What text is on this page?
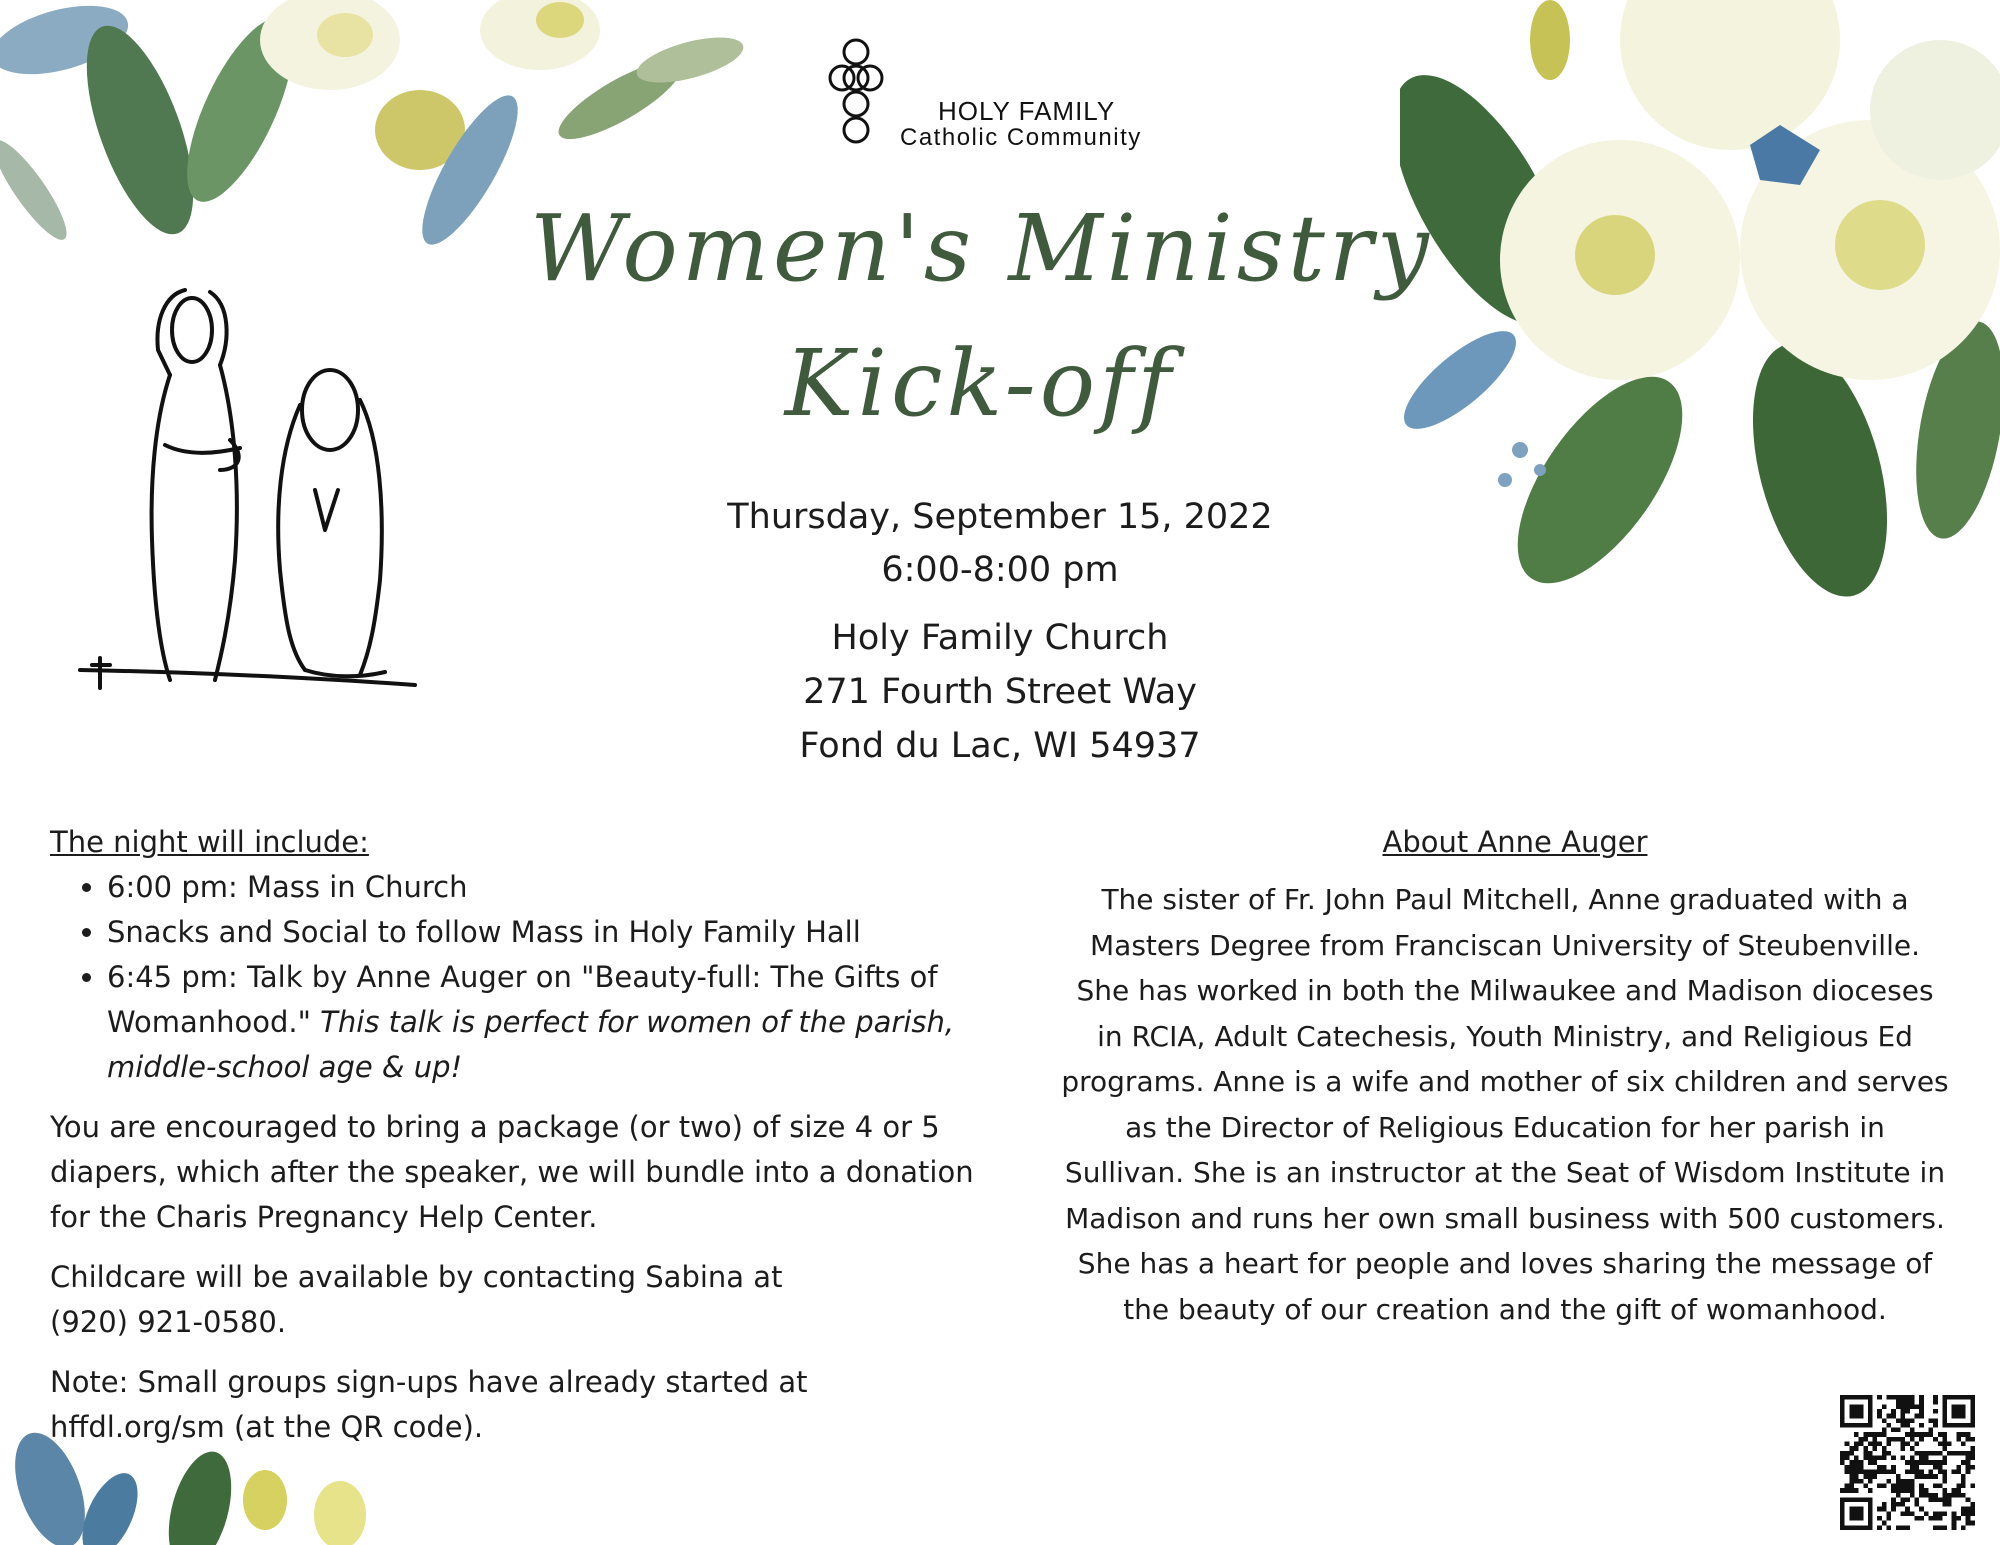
HOLY FAMILY
Catholic Community
Women's Ministry
Kick-off
Thursday, September 15, 2022
6:00-8:00 pm
Holy Family Church
271 Fourth Street Way
Fond du Lac, WI 54937

The night will include:

• 6:00 pm: Mass in Church
• Snacks and Social to follow Mass in Holy Family Hall
• 6:45 pm: Talk by Anne Auger on "Beauty-full: The Gifts of Womanhood." This talk is perfect for women of the parish, middle-school age & up!

You are encouraged to bring a package (or two) of size 4 or 5 diapers, which after the speaker, we will bundle into a donation for the Charis Pregnancy Help Center.

Childcare will be available by contacting Sabina at
(920) 921-0580.

Note: Small groups sign-ups have already started at
hffdl.org/sm (at the QR code).

About Anne Auger
The sister of Fr. John Paul Mitchell, Anne graduated with a
Masters Degree from Franciscan University of Steubenville.
She has worked in both the Milwaukee and Madison dioceses
in RCIA, Adult Catechesis, Youth Ministry, and Religious Ed
programs. Anne is a wife and mother of six children and serves
as the Director of Religious Education for her parish in
Sullivan. She is an instructor at the Seat of Wisdom Institute in
Madison and runs her own small business with 500 customers.
She has a heart for people and loves sharing the message of
the beauty of our creation and the gift of womanhood.
